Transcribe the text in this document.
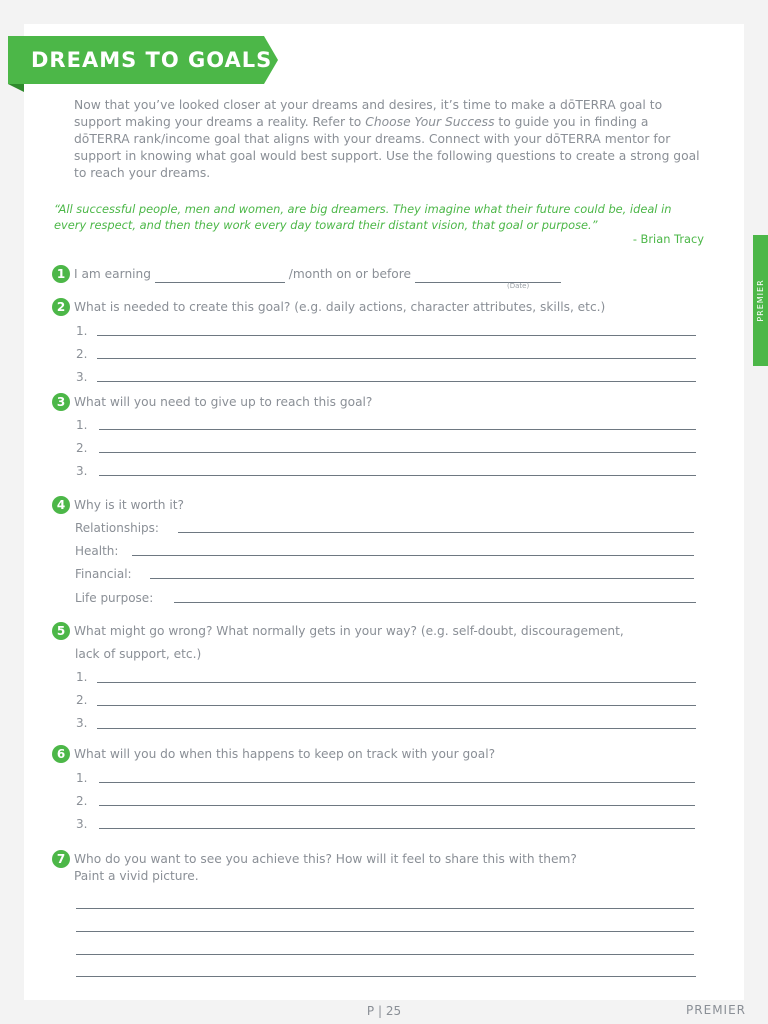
DREAMS TO GOALS
Now that you’ve looked closer at your dreams and desires, it’s time to make a dōTERRA goal to support making your dreams a reality. Refer to Choose Your Success to guide you in finding a dōTERRA rank/income goal that aligns with your dreams. Connect with your dōTERRA mentor for support in knowing what goal would best support. Use the following questions to create a strong goal to reach your dreams.
“All successful people, men and women, are big dreamers. They imagine what their future could be, ideal in every respect, and then they work every day toward their distant vision, that goal or purpose.”
- Brian Tracy
PREMIER
1 I am earning	/month on or before
(Date)
2 What is needed to create this goal? (e.g. daily actions, character attributes, skills, etc.)
1.
2.
3.
3 What will you need to give up to reach this goal?
1.
2.
3.
4 Why is it worth it?
Relationships:
Health:
Financial:
Life purpose:
5 What might go wrong? What normally gets in your way? (e.g. self-doubt, discouragement,
lack of support, etc.)
1.
2.
3.
6 What will you do when this happens to keep on track with your goal?
1.
2.
3.
7 Who do you want to see you achieve this? How will it feel to share this with them?
Paint a vivid picture.
P | 25	PREMIER
